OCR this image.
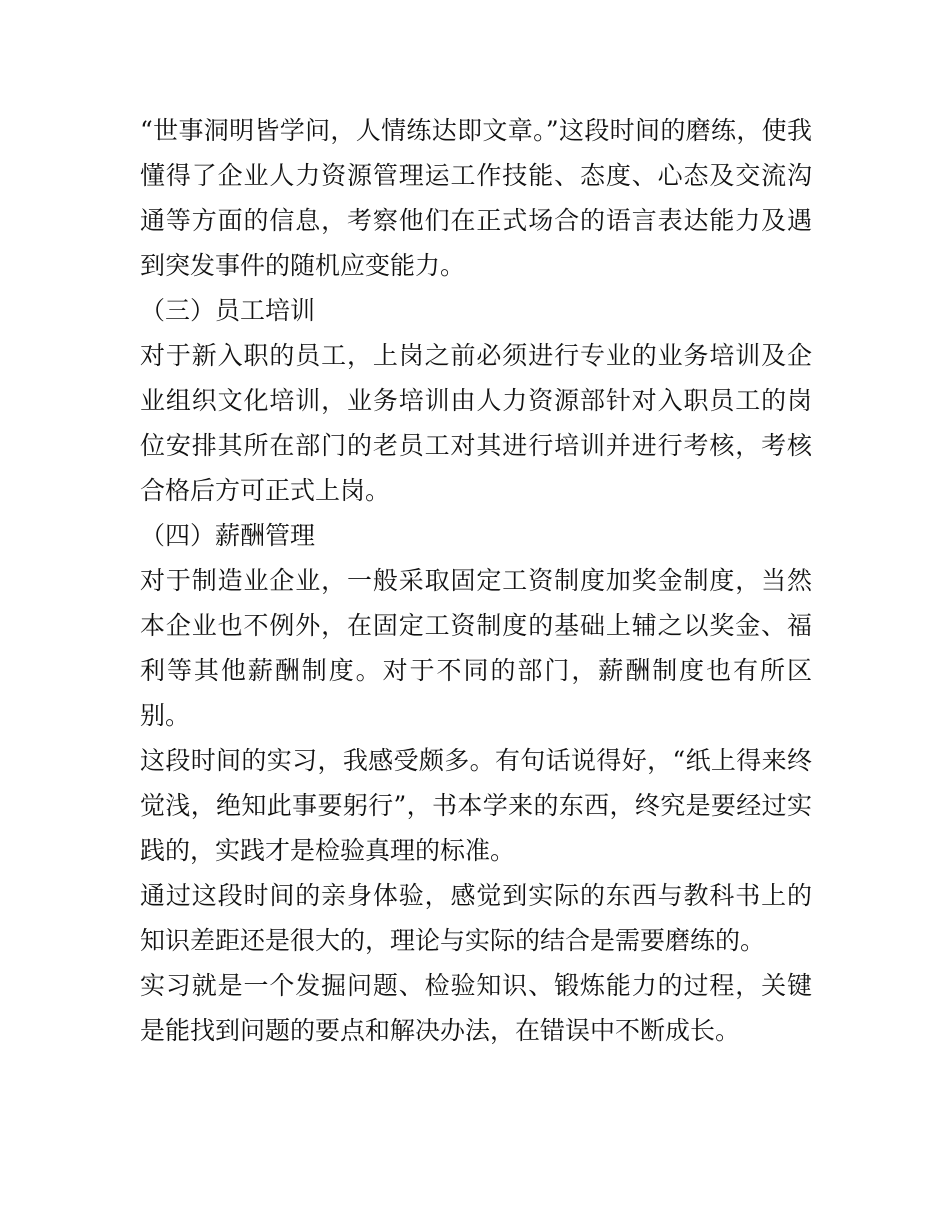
“世事洞明皆学问，人情练达即文章。”这段时间的磨练，使我懂得了企业人力资源管理运工作技能、态度、心态及交流沟通等方面的信息，考察他们在正式场合的语言表达能力及遇到突发事件的随机应变能力。

（三）员工培训

对于新入职的员工，上岗之前必须进行专业的业务培训及企业组织文化培训，业务培训由人力资源部针对入职员工的岗位安排其所在部门的老员工对其进行培训并进行考核，考核合格后方可正式上岗。

（四）薪酬管理

对于制造业企业，一般采取固定工资制度加奖金制度，当然本企业也不例外，在固定工资制度的基础上辅之以奖金、福利等其他薪酬制度。对于不同的部门，薪酬制度也有所区别。

这段时间的实习，我感受颇多。有句话说得好，“纸上得来终觉浅，绝知此事要躬行”，书本学来的东西，终究是要经过实践的，实践才是检验真理的标准。

通过这段时间的亲身体验，感觉到实际的东西与教科书上的知识差距还是很大的，理论与实际的结合是需要磨练的。

实习就是一个发掘问题、检验知识、锻炼能力的过程，关键是能找到问题的要点和解决办法，在错误中不断成长。
